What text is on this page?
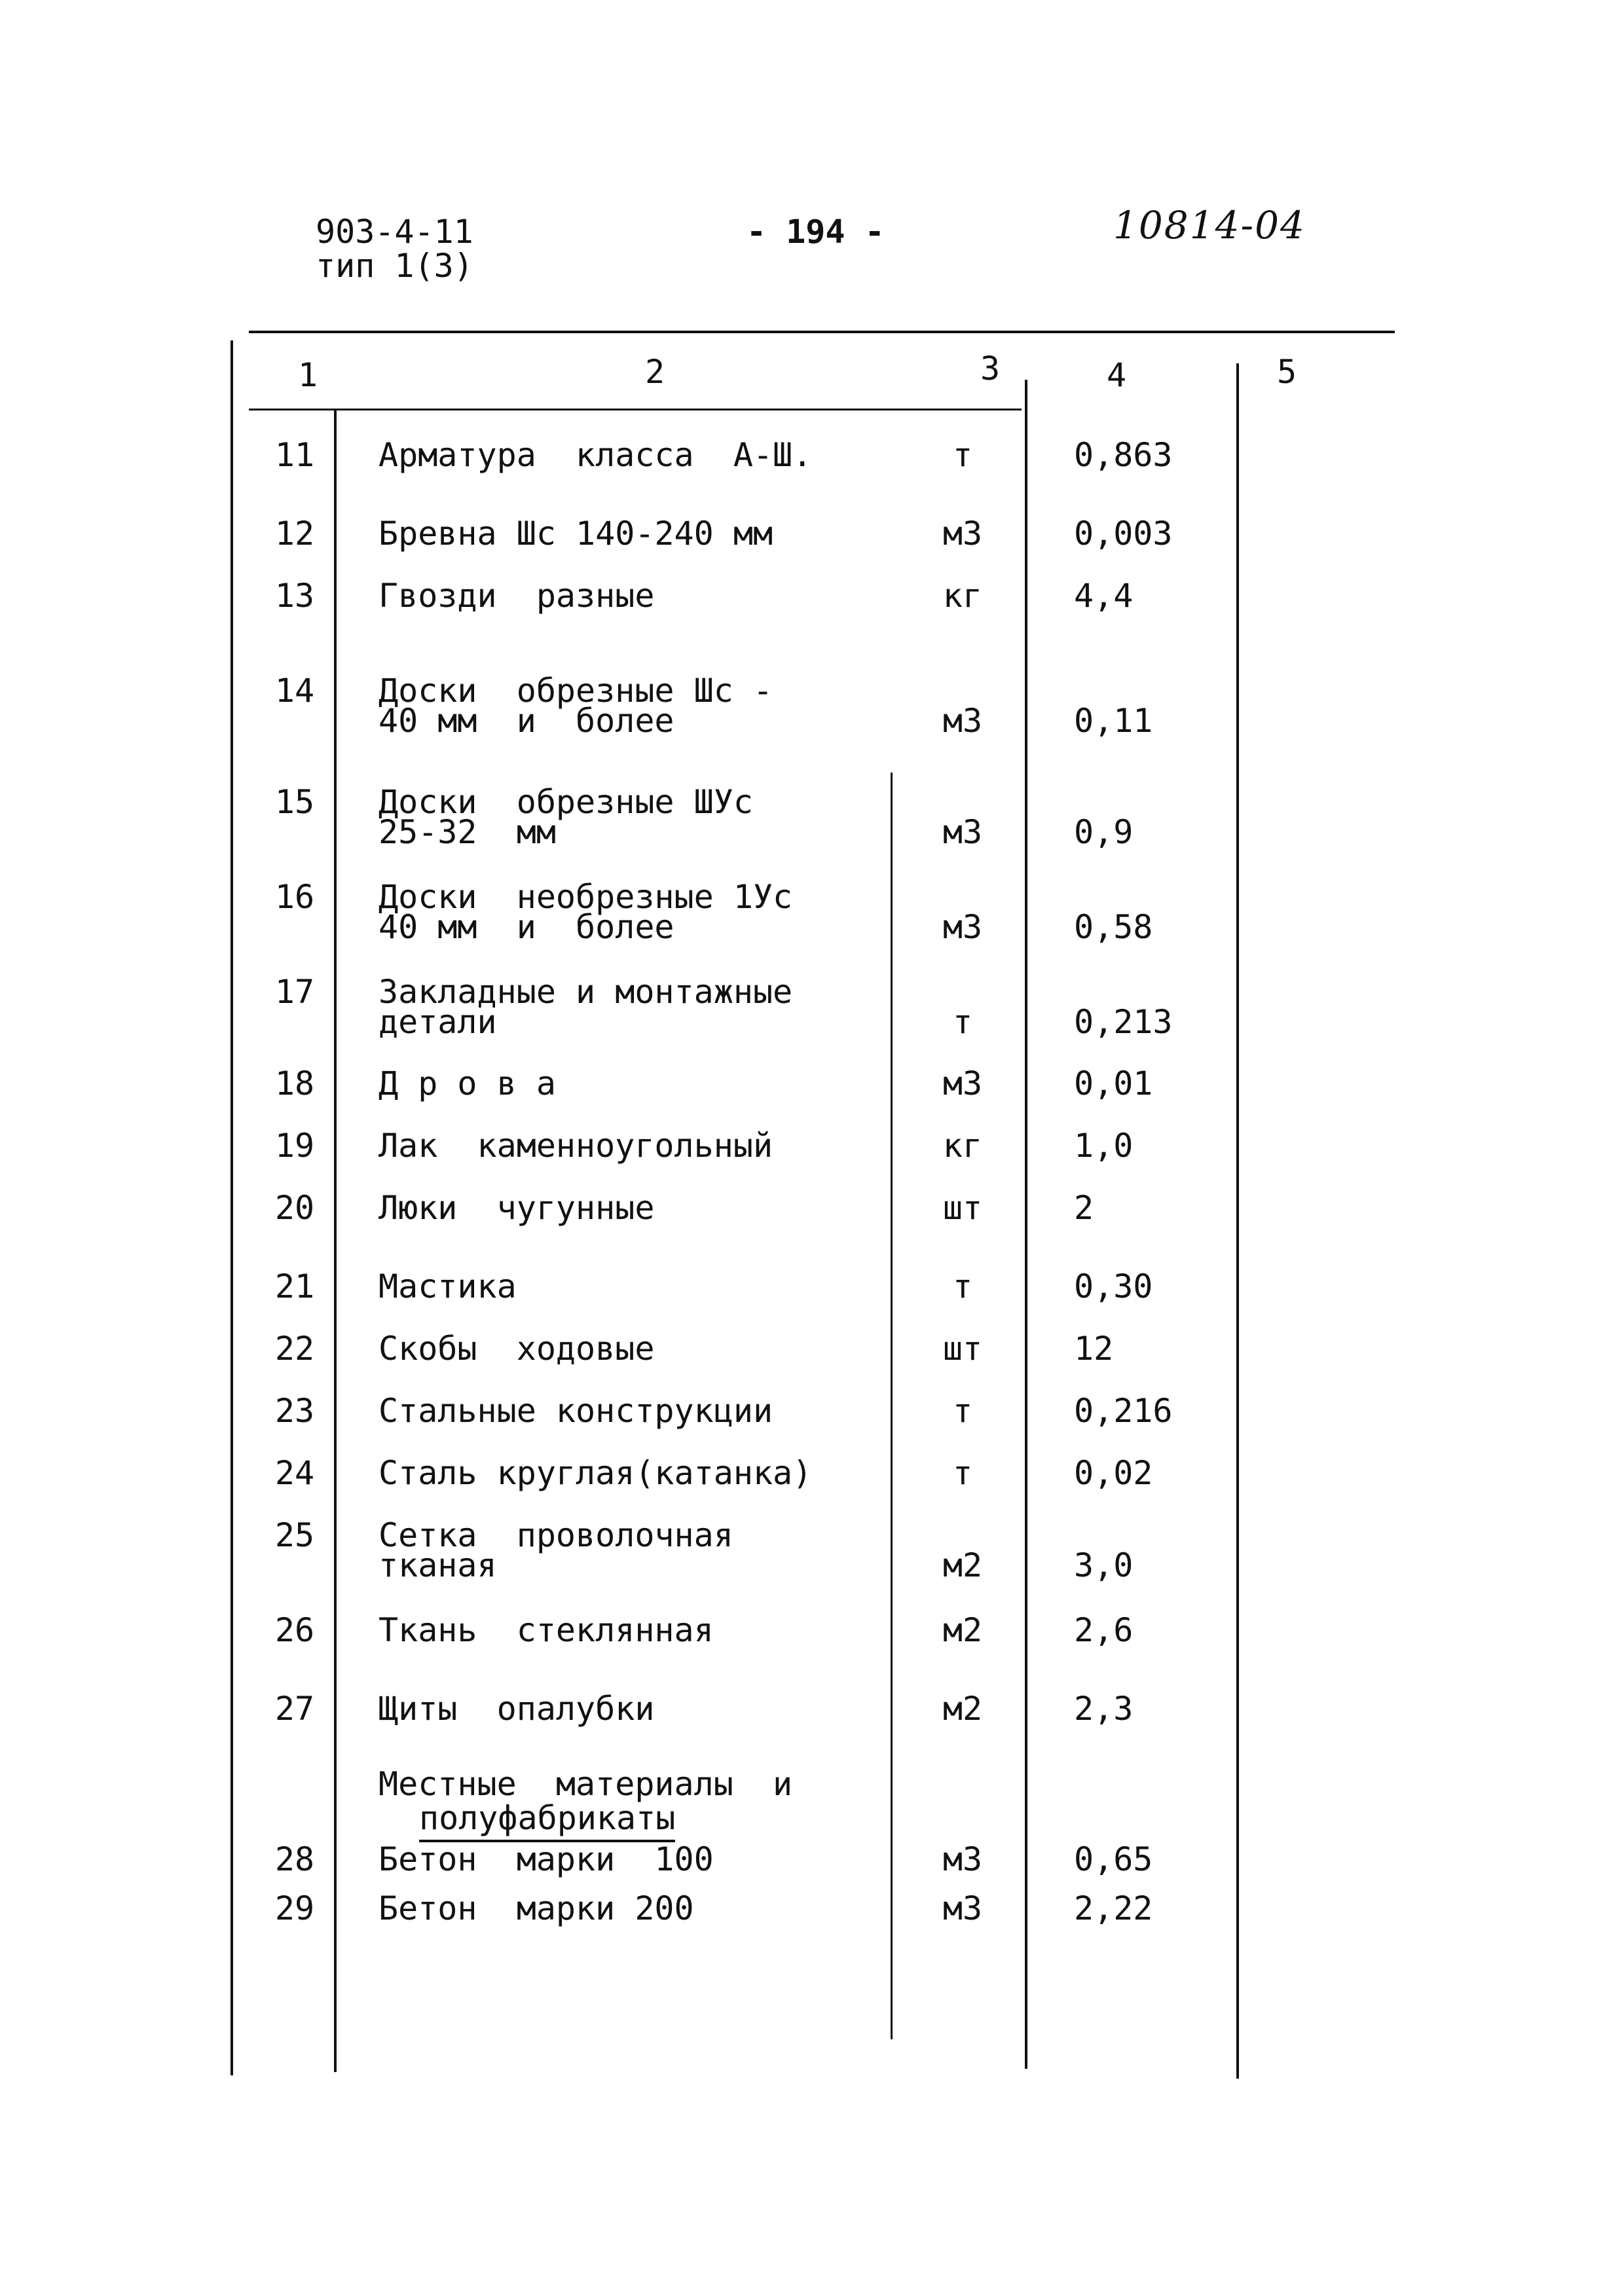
903-4-11
тип 1(3)
- 194 -	10814-04
1	2	3	4	5
11	Арматура  класса  А-Ш.	т	0,863
12	Бревна Шс 140-240 мм	м3	0,003
13	Гвозди  разные	кг	4,4
14	Доски  обрезные Шс -
40 мм  и  более	м3	0,11
15	Доски  обрезные ШУс
25-32  мм	м3	0,9
16	Доски  необрезные 1Ус
40 мм  и  более	м3	0,58
17	Закладные и монтажные
детали	т	0,213
18	Д р о в а	м3	0,01
19	Лак  каменноугольный	кг	1,0
20	Люки  чугунные	шт	2
21	Мастика	т	0,30
22	Скобы  ходовые	шт	12
23	Стальные конструкции	т	0,216
24	Сталь круглая(катанка)	т	0,02
25	Сетка  проволочная
тканая	м2	3,0
26	Ткань  стеклянная	м2	2,6
27	Щиты  опалубки	м2	2,3
28	Бетон  марки  100	м3	0,65
29	Бетон  марки 200	м3	2,22
Местные  материалы  и
полуфабрикаты
